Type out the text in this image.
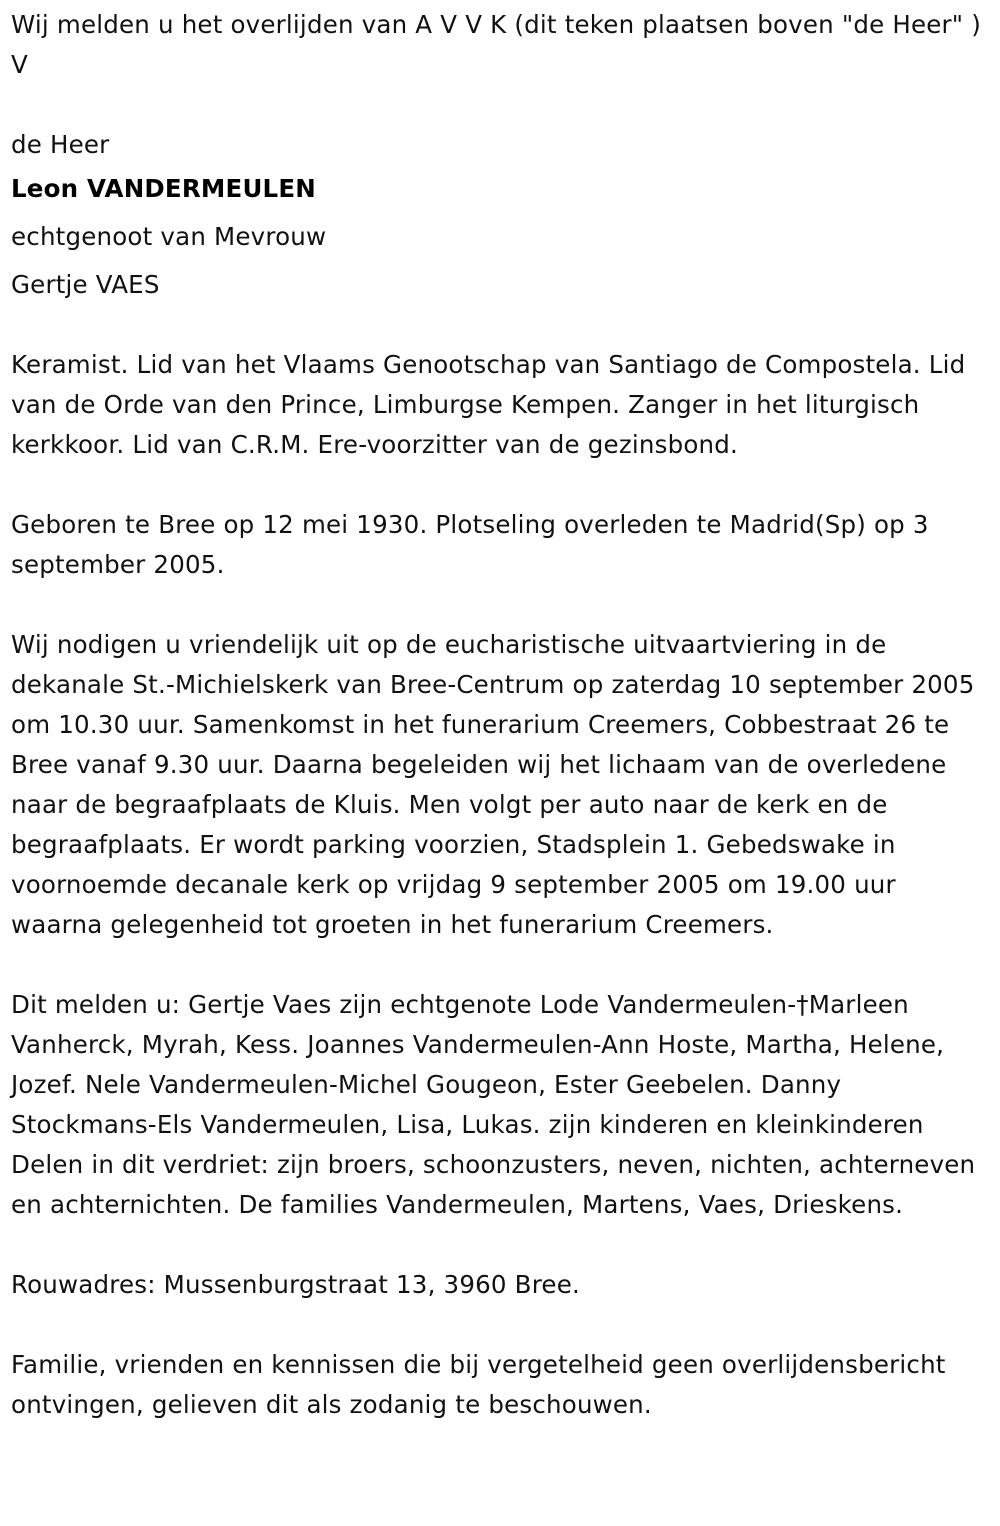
Wij melden u het overlijden van A V V K (dit teken plaatsen boven "de Heer" ) V

de Heer

Leon VANDERMEULEN

echtgenoot van Mevrouw

Gertje VAES

Keramist. Lid van het Vlaams Genootschap van Santiago de Compostela. Lid van de Orde van den Prince, Limburgse Kempen. Zanger in het liturgisch kerkkoor. Lid van C.R.M. Ere-voorzitter van de gezinsbond.

Geboren te Bree op 12 mei 1930. Plotseling overleden te Madrid(Sp) op 3 september 2005.

Wij nodigen u vriendelijk uit op de eucharistische uitvaartviering in de dekanale St.-Michielskerk van Bree-Centrum op zaterdag 10 september 2005 om 10.30 uur. Samenkomst in het funerarium Creemers, Cobbestraat 26 te Bree vanaf 9.30 uur. Daarna begeleiden wij het lichaam van de overledene naar de begraafplaats de Kluis. Men volgt per auto naar de kerk en de begraafplaats. Er wordt parking voorzien, Stadsplein 1. Gebedswake in voornoemde decanale kerk op vrijdag 9 september 2005 om 19.00 uur waarna gelegenheid tot groeten in het funerarium Creemers.

Dit melden u: Gertje Vaes zijn echtgenote Lode Vandermeulen-†Marleen Vanherck, Myrah, Kess. Joannes Vandermeulen-Ann Hoste, Martha, Helene, Jozef. Nele Vandermeulen-Michel Gougeon, Ester Geebelen. Danny Stockmans-Els Vandermeulen, Lisa, Lukas. zijn kinderen en kleinkinderen Delen in dit verdriet: zijn broers, schoonzusters, neven, nichten, achterneven en achternichten. De families Vandermeulen, Martens, Vaes, Drieskens.

Rouwadres: Mussenburgstraat 13, 3960 Bree.

Familie, vrienden en kennissen die bij vergetelheid geen overlijdensbericht ontvingen, gelieven dit als zodanig te beschouwen.
